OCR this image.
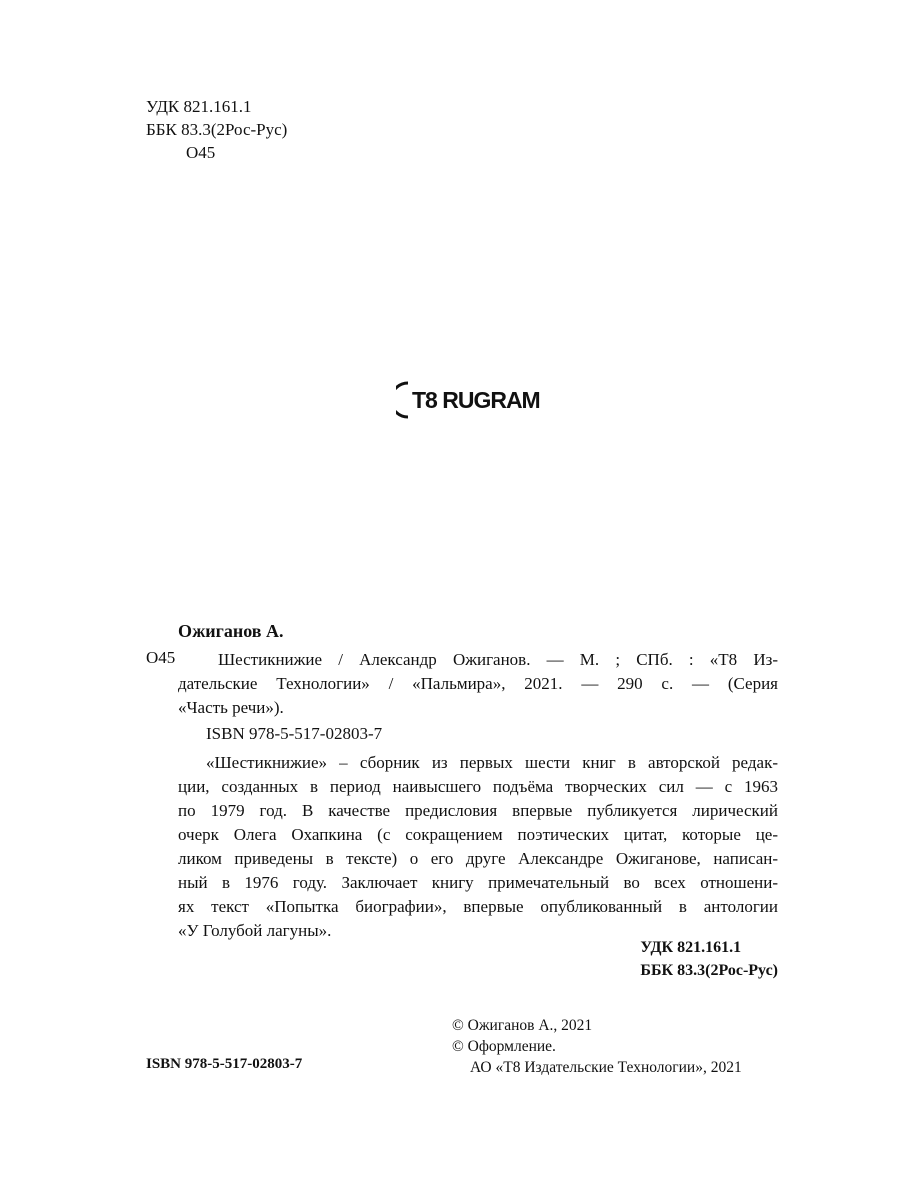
УДК 821.161.1
ББК 83.3(2Рос-Рус)
О45
T8 RUGRAM
Ожиганов А.
О45	Шестикнижие / Александр Ожиганов. — М. ; СПб. : «Т8 Из-
дательские Технологии» / «Пальмира», 2021. — 290 с. — (Серия
«Часть речи»).
ISBN 978-5-517-02803-7
«Шестикнижие» – сборник из первых шести книг в авторской редак-
ции, созданных в период наивысшего подъёма творческих сил — с 1963
по 1979 год. В качестве предисловия впервые публикуется лирический
очерк Олега Охапкина (с сокращением поэтических цитат, которые це-
ликом приведены в тексте) о его друге Александре Ожиганове, написан-
ный в 1976 году. Заключает книгу примечательный во всех отношени-
ях текст «Попытка биографии», впервые опубликованный в антологии
«У Голубой лагуны».
УДК 821.161.1
ББК 83.3(2Рос-Рус)
© Ожиганов А., 2021
© Оформление.
АО «Т8 Издательские Технологии», 2021
ISBN 978-5-517-02803-7
